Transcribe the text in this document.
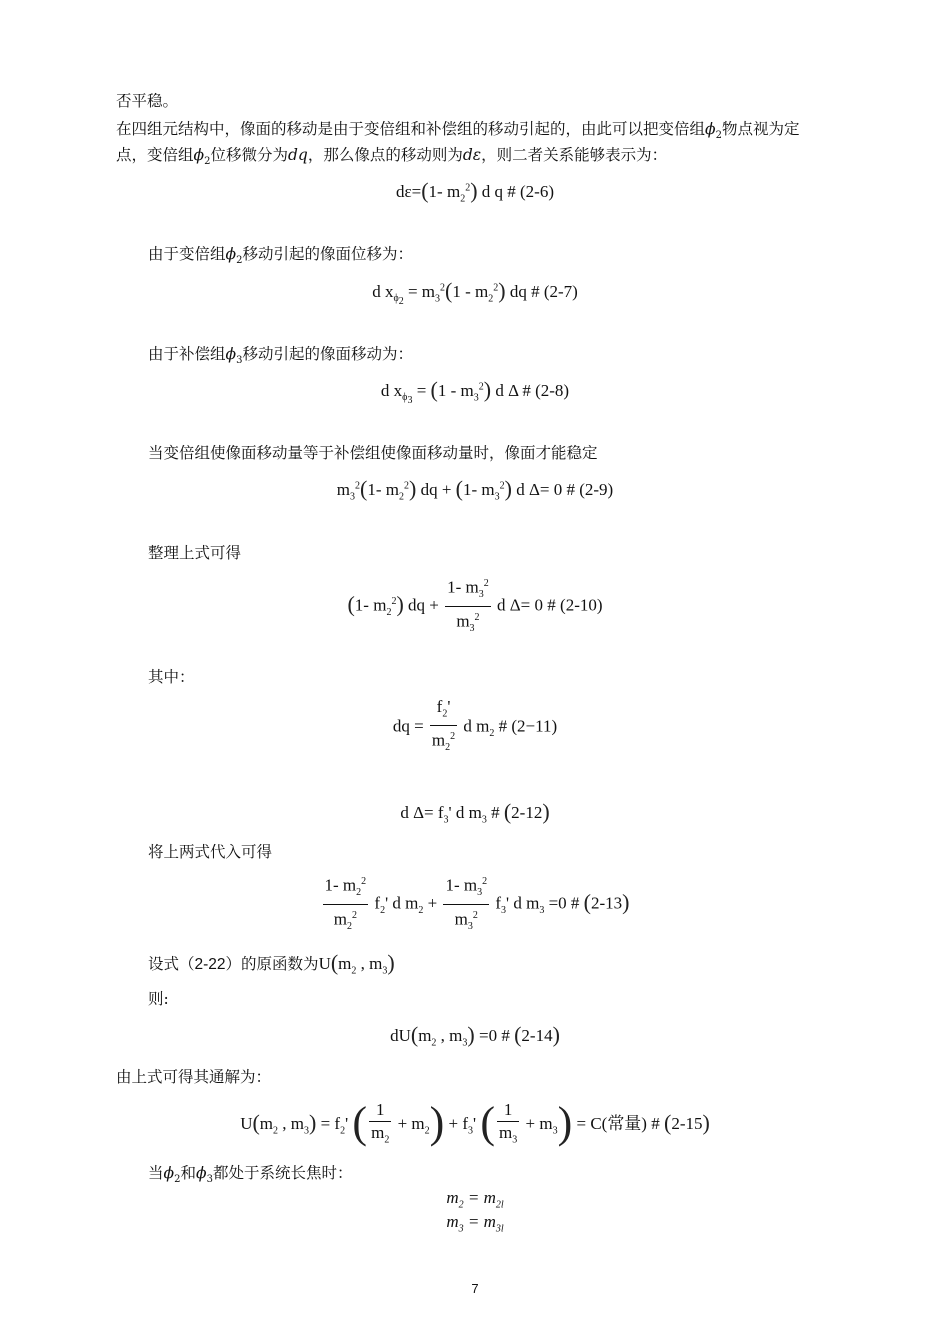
否平稳。
在四组元结构中，像面的移动是由于变倍组和补偿组的移动引起的，由此可以把变倍组$\phi_2$物点视为定
点，变倍组$\phi_2$位移微分为dq，那么像点的移动则为dε，则二者关系能够表示为：
dε=(1- $m_2^2$) d q # (2-6)
由于变倍组$\phi_2$移动引起的像面位移为：
d $x_{\phi_2} = m_3^2(1 - m_2^2)$ dq # (2-7)
由于补偿组$\phi_3$移动引起的像面移动为：
d $x_{\phi_3} = (1 - m_3^2)$ d Δ # (2-8)
当变倍组使像面移动量等于补偿组使像面移动量时，像面才能稳定
$m_3^2(1-$ $m_2^2$) dq + (1- $m_3^2$) d Δ= 0 # (2-9)
整理上式可得
(1- $m_2^2$) dq + $\frac{1- m_3^2}{m_3^2}$ d Δ= 0 # (2-10)
其中：
dq = $\frac{f_2'}{m_2^2}$ d $m_2$ # (2−11)
d $\Delta= f_3'$ d $m_3$ # (2-12)
将上两式代入可得
$\frac{1- m_2^2}{m_2^2} f_2'$ d $m_2 + \frac{1- m_3^2}{m_3^2} f_3'$ d $m_3 =0$ # (2-13)
设式（2-22）的原函数为$U(m_2$ , $m_3$)
则:
$dU(m_2$ , $m_3) =0$ # (2-14)
由上式可得其通解为：
$U(m_2$ , $m_3) = f_2'$ ( $\frac{1}{m_2} + m_2) + f_3'$ ( $\frac{1}{m_3} + m_3) = C$(常量) # (2-15)
当$\phi_2$和$\phi_3$都处于系统长焦时：
$m_2 = m_{2l}$
$m_3 = m_{3l}$
7
